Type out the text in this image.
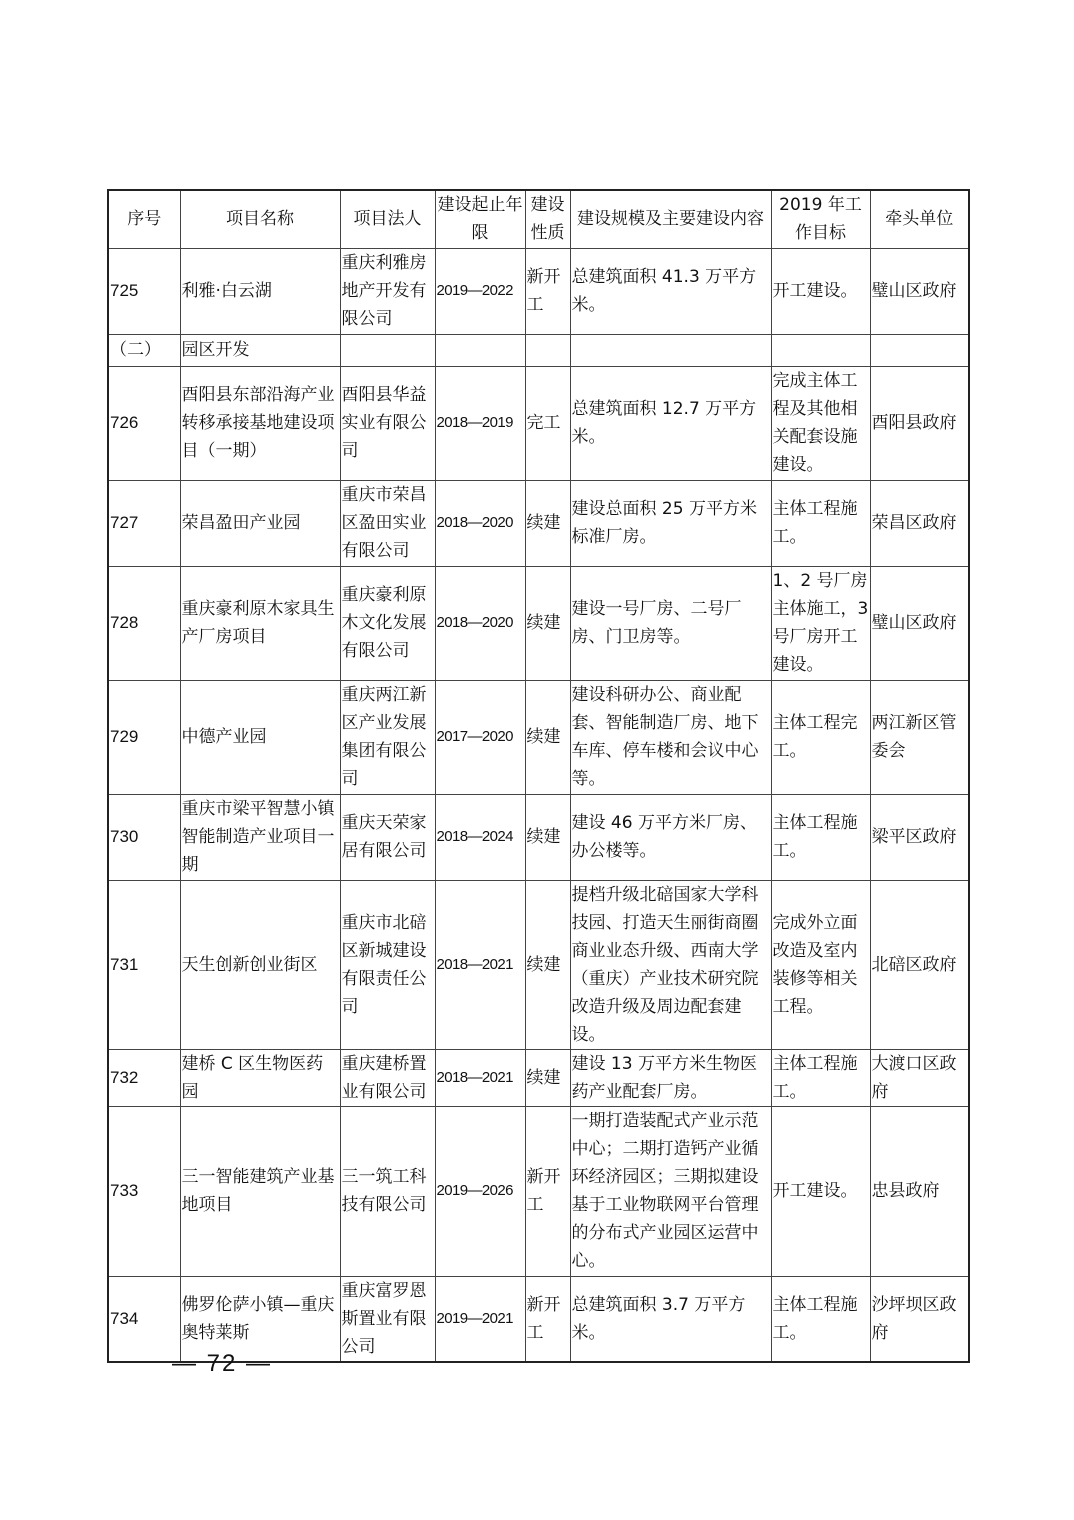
序号	项目名称	项目法人	建设起止年限	建设性质	建设规模及主要建设内容	2019 年工作目标	牵头单位
725	利雅·白云湖	重庆利雅房地产开发有限公司	2019—2022	新开工	总建筑面积 41.3 万平方米。	开工建设。	璧山区政府
（二）	园区开发						
726	酉阳县东部沿海产业转移承接基地建设项目（一期）	酉阳县华益实业有限公司	2018—2019	完工	总建筑面积 12.7 万平方米。	完成主体工程及其他相关配套设施建设。	酉阳县政府
727	荣昌盈田产业园	重庆市荣昌区盈田实业有限公司	2018—2020	续建	建设总面积 25 万平方米标准厂房。	主体工程施工。	荣昌区政府
728	重庆豪利原木家具生产厂房项目	重庆豪利原木文化发展有限公司	2018—2020	续建	建设一号厂房、二号厂房、门卫房等。	1、2 号厂房主体施工，3 号厂房开工建设。	璧山区政府
729	中德产业园	重庆两江新区产业发展集团有限公司	2017—2020	续建	建设科研办公、商业配套、智能制造厂房、地下车库、停车楼和会议中心等。	主体工程完工。	两江新区管委会
730	重庆市梁平智慧小镇智能制造产业项目一期	重庆天荣家居有限公司	2018—2024	续建	建设 46 万平方米厂房、办公楼等。	主体工程施工。	梁平区政府
731	天生创新创业街区	重庆市北碚区新城建设有限责任公司	2018—2021	续建	提档升级北碚国家大学科技园、打造天生丽街商圈商业业态升级、西南大学（重庆）产业技术研究院改造升级及周边配套建设。	完成外立面改造及室内装修等相关工程。	北碚区政府
732	建桥 C 区生物医药园	重庆建桥置业有限公司	2018—2021	续建	建设 13 万平方米生物医药产业配套厂房。	主体工程施工。	大渡口区政府
733	三一智能建筑产业基地项目	三一筑工科技有限公司	2019—2026	新开工	一期打造装配式产业示范中心；二期打造钙产业循环经济园区；三期拟建设基于工业物联网平台管理的分布式产业园区运营中心。	开工建设。	忠县政府
734	佛罗伦萨小镇—重庆奥特莱斯	重庆富罗恩斯置业有限公司	2019—2021	新开工	总建筑面积 3.7 万平方米。	主体工程施工。	沙坪坝区政府
— 72 —
